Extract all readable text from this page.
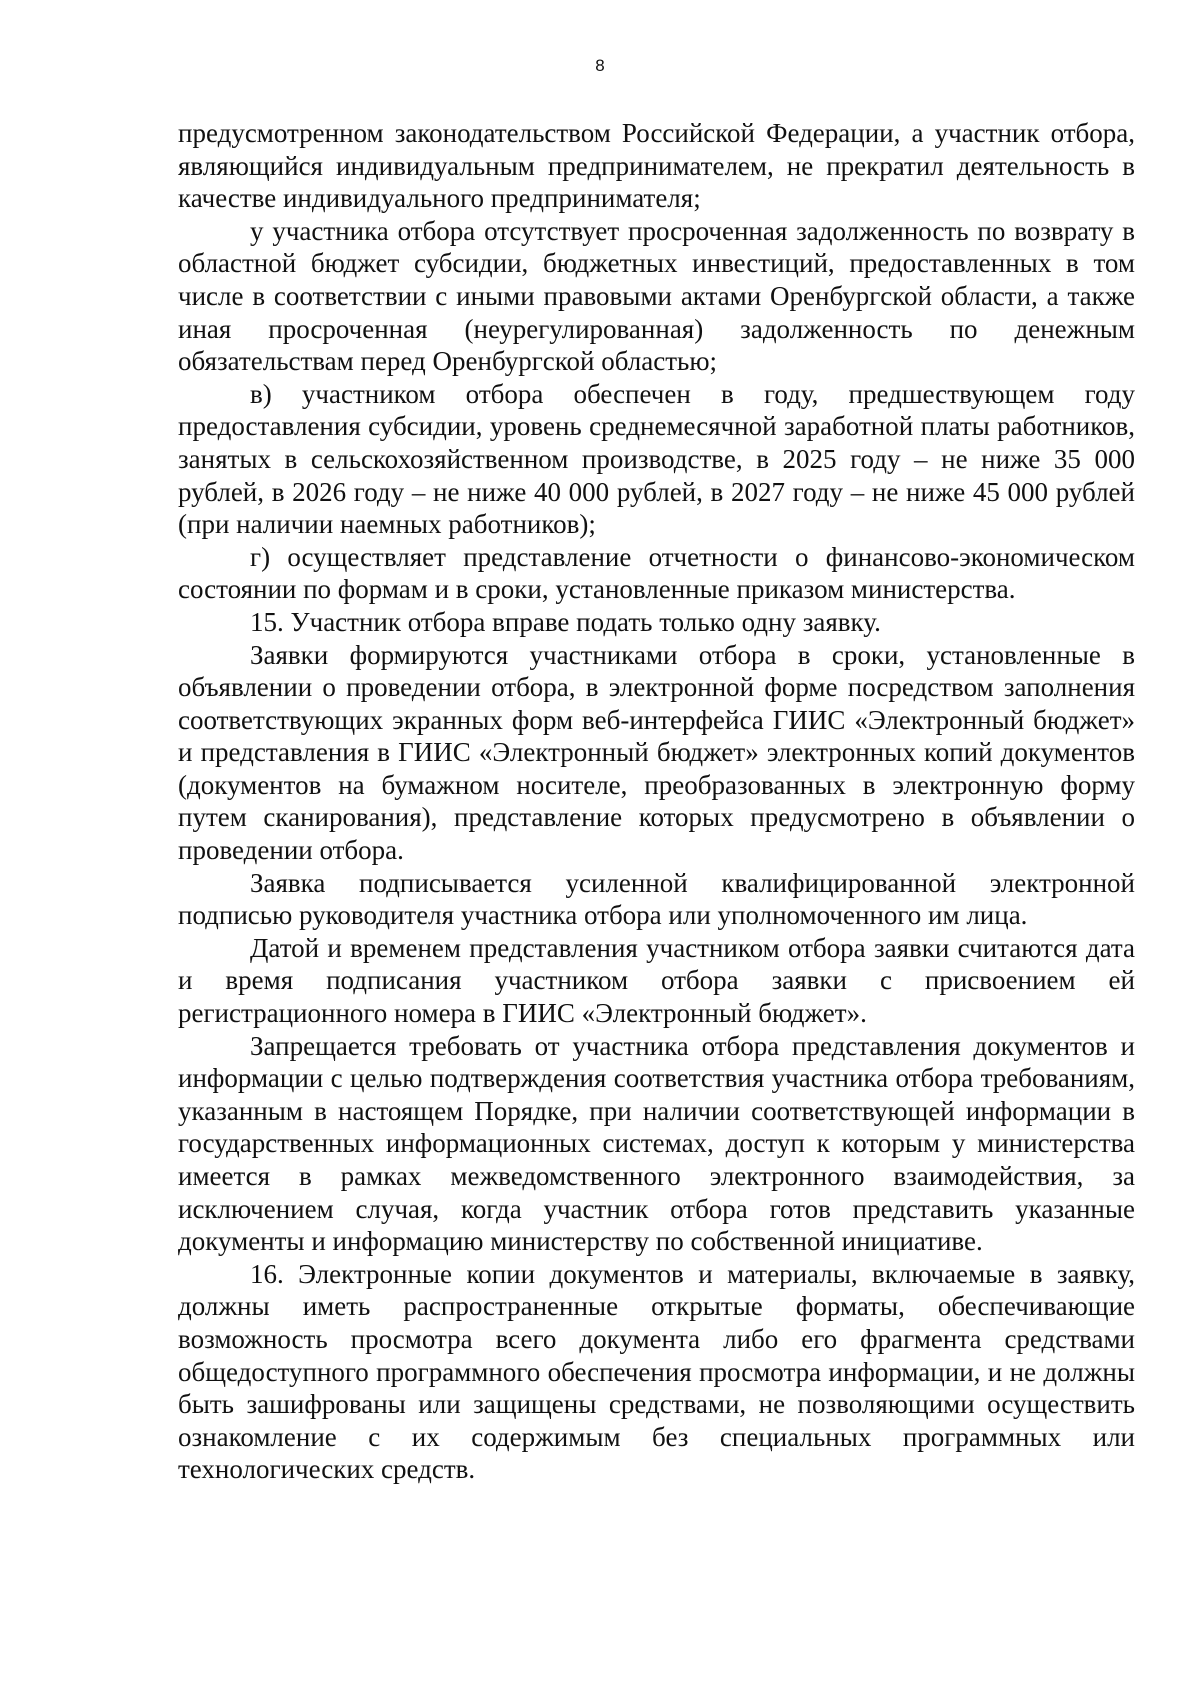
8

предусмотренном законодательством Российской Федерации, а участник отбора, являющийся индивидуальным предпринимателем, не прекратил деятельность в качестве индивидуального предпринимателя;

у участника отбора отсутствует просроченная задолженность по возврату в областной бюджет субсидии, бюджетных инвестиций, предоставленных в том числе в соответствии с иными правовыми актами Оренбургской области, а также иная просроченная (неурегулированная) задолженность по денежным обязательствам перед Оренбургской областью;

в) участником отбора обеспечен в году, предшествующем году предоставления субсидии, уровень среднемесячной заработной платы работников, занятых в сельскохозяйственном производстве, в 2025 году – не ниже 35 000 рублей, в 2026 году – не ниже 40 000 рублей, в 2027 году – не ниже 45 000 рублей (при наличии наемных работников);

г) осуществляет представление отчетности о финансово-экономическом состоянии по формам и в сроки, установленные приказом министерства.

15. Участник отбора вправе подать только одну заявку.

Заявки формируются участниками отбора в сроки, установленные в объявлении о проведении отбора, в электронной форме посредством заполнения соответствующих экранных форм веб-интерфейса ГИИС «Электронный бюджет» и представления в ГИИС «Электронный бюджет» электронных копий документов (документов на бумажном носителе, преобразованных в электронную форму путем сканирования), представление которых предусмотрено в объявлении о проведении отбора.

Заявка подписывается усиленной квалифицированной электронной подписью руководителя участника отбора или уполномоченного им лица.

Датой и временем представления участником отбора заявки считаются дата и время подписания участником отбора заявки с присвоением ей регистрационного номера в ГИИС «Электронный бюджет».

Запрещается требовать от участника отбора представления документов и информации с целью подтверждения соответствия участника отбора требованиям, указанным в настоящем Порядке, при наличии соответствующей информации в государственных информационных системах, доступ к которым у министерства имеется в рамках межведомственного электронного взаимодействия, за исключением случая, когда участник отбора готов представить указанные документы и информацию министерству по собственной инициативе.

16. Электронные копии документов и материалы, включаемые в заявку, должны иметь распространенные открытые форматы, обеспечивающие возможность просмотра всего документа либо его фрагмента средствами общедоступного программного обеспечения просмотра информации, и не должны быть зашифрованы или защищены средствами, не позволяющими осуществить ознакомление с их содержимым без специальных программных или технологических средств.
